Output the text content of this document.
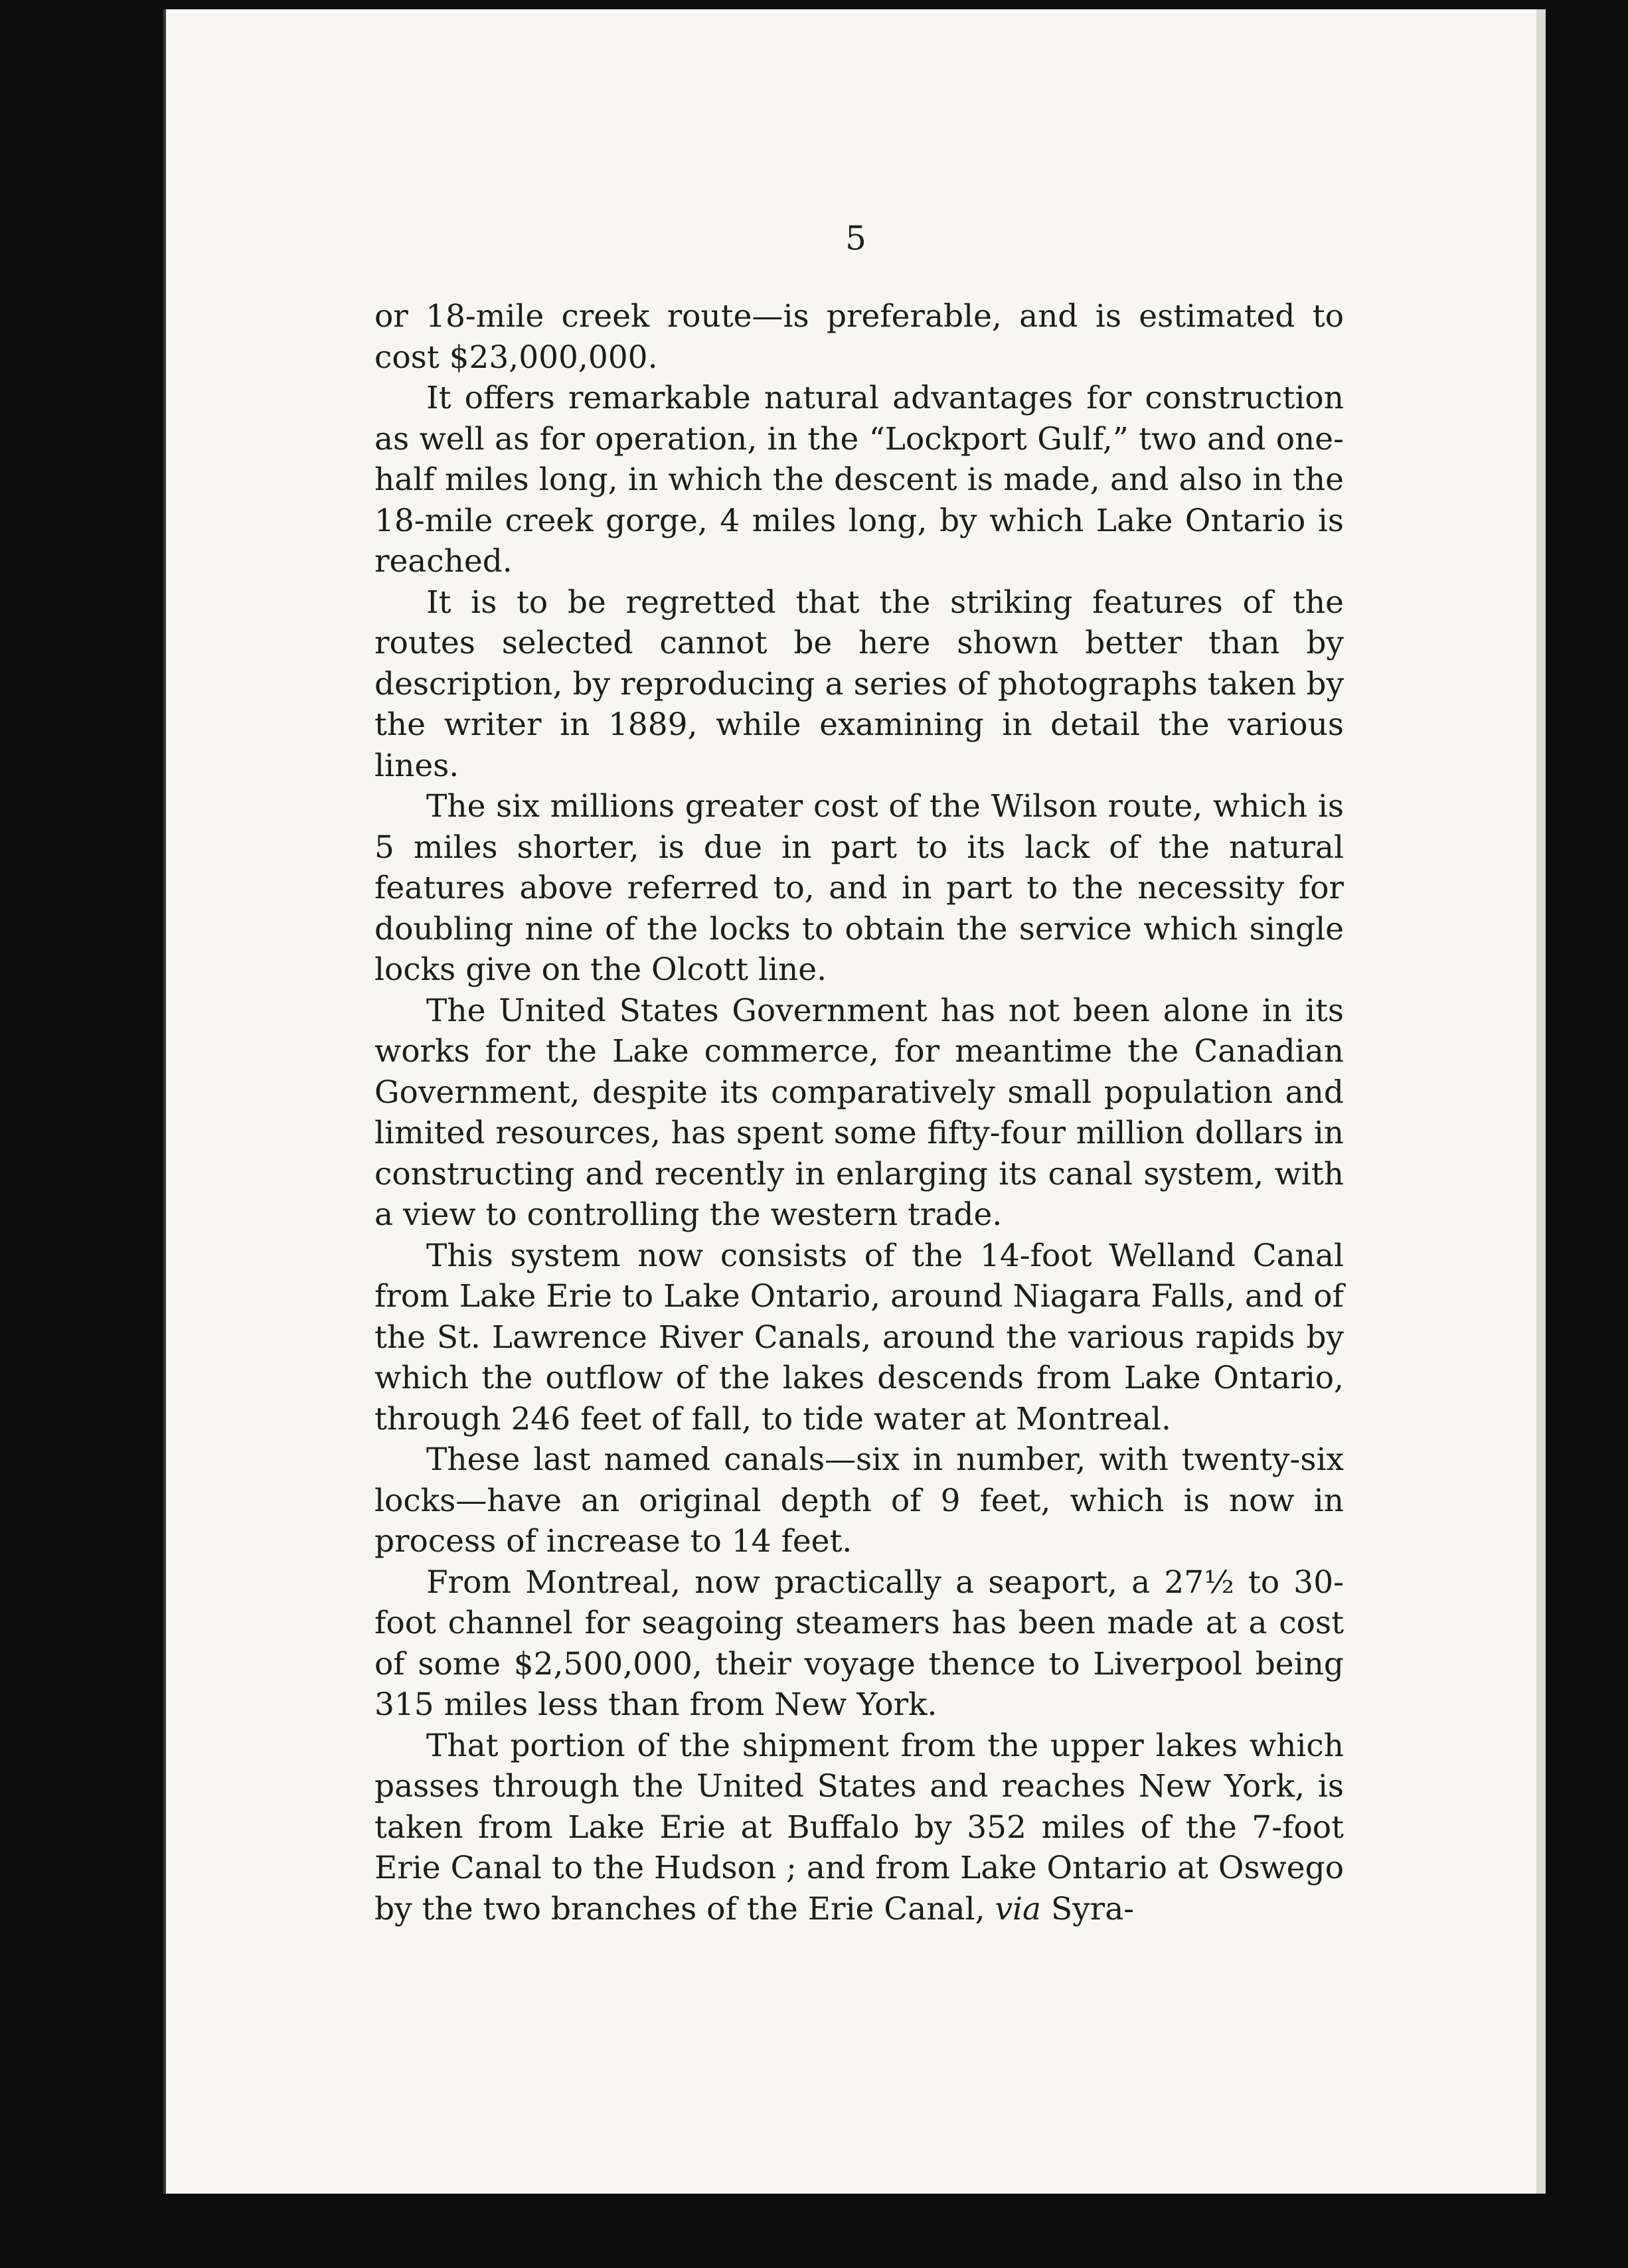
5

or 18-mile creek route—is preferable, and is estimated to cost $23,000,000.

It offers remarkable natural advantages for construction as well as for operation, in the “Lockport Gulf,” two and one-half miles long, in which the descent is made, and also in the 18-mile creek gorge, 4 miles long, by which Lake Ontario is reached.

It is to be regretted that the striking features of the routes selected cannot be here shown better than by description, by reproducing a series of photographs taken by the writer in 1889, while examining in detail the various lines.

The six millions greater cost of the Wilson route, which is 5 miles shorter, is due in part to its lack of the natural features above referred to, and in part to the necessity for doubling nine of the locks to obtain the service which single locks give on the Olcott line.

The United States Government has not been alone in its works for the Lake commerce, for meantime the Canadian Government, despite its comparatively small population and limited resources, has spent some fifty-four million dollars in constructing and recently in enlarging its canal system, with a view to controlling the western trade.

This system now consists of the 14-foot Welland Canal from Lake Erie to Lake Ontario, around Niagara Falls, and of the St. Lawrence River Canals, around the various rapids by which the outflow of the lakes descends from Lake Ontario, through 246 feet of fall, to tide water at Montreal.

These last named canals—six in number, with twenty-six locks—have an original depth of 9 feet, which is now in process of increase to 14 feet.

From Montreal, now practically a seaport, a 27½ to 30-foot channel for seagoing steamers has been made at a cost of some $2,500,000, their voyage thence to Liverpool being 315 miles less than from New York.

That portion of the shipment from the upper lakes which passes through the United States and reaches New York, is taken from Lake Erie at Buffalo by 352 miles of the 7-foot Erie Canal to the Hudson ; and from Lake Ontario at Oswego by the two branches of the Erie Canal, via Syra-
